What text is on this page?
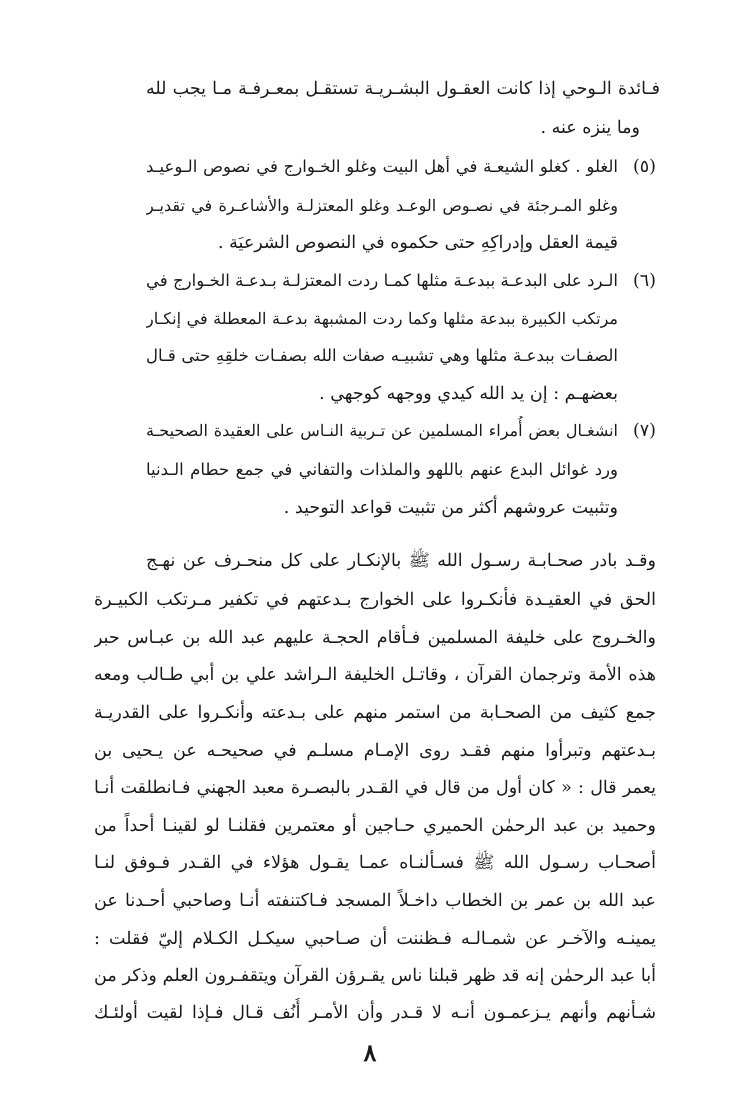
فـائدة الـوحي إذا كانت العقـول البشـريـة تستقـل بمعـرفـة مـا يجب لله
وما ينزه عنه .
(٥)
الغلو . كغلو الشيعـة في أهل البيت وغلو الخـوارج في نصوص الـوعيـد
وغلو المـرجئة في نصـوص الوعـد وغلو المعتزلـة والأشاعـرة في تقديـر
قيمة العقل وإدراكِهِ حتى حكموه في النصوص الشرعيَة .
(٦)
الـرد على البدعـة ببدعـة مثلها كمـا ردت المعتزلـة بـدعـة الخـوارج في
مرتكب الكبيرة ببدعة مثلها وكما ردت المشبهة بدعـة المعطلة في إنكـار
الصفـات ببدعـة مثلها وهي تشبيـه صفات الله بصفـات خلقِهِ حتى قـال
بعضهـم : إن يد الله كيدي ووجهه كوجهي .
(٧)
انشغـال بعض أُمراء المسلمين عن تـربية النـاس على العقيدة الصحيحـة
ورد غوائل البدع عنهم باللهو والملذات والتفاني في جمع حطام الـدنيا
وتثبيت عروشهم أكثر من تثبيت قواعد التوحيد .
وقـد بادر صحـابـة رسـول الله ﷺ بالإنكـار على كل منحـرف عن نهـج
الحق في العقيـدة فأنكـروا على الخوارج بـدعتهم في تكفير مـرتكب الكبيـرة
والخـروج على خليفة المسلمين فـأقام الحجـة عليهم عبد الله بن عبـاس حبر
هذه الأمة وترجمان القرآن ، وقاتـل الخليفة الـراشد علي بن أبي طـالب ومعه
جمع كثيف من الصحـابة من استمر منهم على بـدعته وأنكـروا على القدريـة
بـدعتهم وتبرأوا منهم فقـد روى الإمـام مسلـم في صحيحـه عن يـحيى بن
يعمر قال : « كان أول من قال في القـدر بالبصـرة معبد الجهني فـانطلقت أنـا
وحميد بن عبد الرحمٰن الحميري حـاجين أو معتمرين فقلنـا لو لقينـا أحداً من
أصحـاب رسـول الله ﷺ فسـألنـاه عمـا يقـول هؤلاء في القـدر فـوفق لنـا
عبد الله بن عمر بن الخطاب داخـلاً المسجد فـاكتنفته أنـا وصاحبي أحـدنا عن
يمينـه والآخـر عن شمـالـه فـظننت أن صـاحبي سيكـل الكـلام إليّ فقلت :
أبا عبد الرحمٰن إنه قد ظهر قبلنا ناس يقـرؤن القرآن ويتقفـرون العلم وذكر من
شـأنهم وأنهم يـزعمـون أنـه لا قـدر وأن الأمـر أُنُف قـال فـإذا لقيت أولئـك
٨
